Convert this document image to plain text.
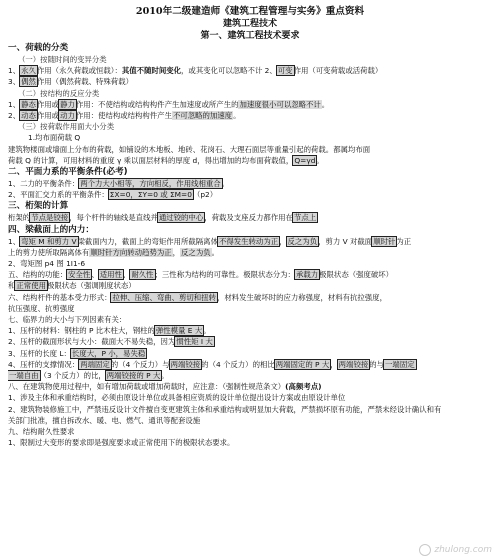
2010年二级建造师《建筑工程管理与实务》重点资料
建筑工程技术
第一、建筑工程技术要求
一、荷载的分类
（一）按随时间的变异分类
1、永久作用（永久荷载或恒载）：其值不随时间变化，或其变化可以忽略不计 2、可变作用（可变荷载或活荷载）
3、偶然作用（偶然荷载、特殊荷载）
（二）按结构的反应分类
1、静态作用或静力作用：不使结构或结构构件产生加速度或所产生的加速度很小可以忽略不计。
2、动态作用或动力作用：使结构或结构构件产生不可忽略的加速度。
（三）按荷载作用面大小分类
1.均布面荷载 Q
建筑物楼面或墙面上分布的荷载，如铺设的木地板、地砖、花岗石、大理石面层等重量引起的荷载。都属均布面
荷载 Q 的计算，可用材料的重度 γ 乘以面层材料的厚度 d，得出增加的均布面荷载值，Q=γd。
二、平面力系的平衡条件(必考)
1、二力的平衡条件：两个力大小相等，方向相反，作用线相重合。
2、平面汇交力系的平衡条件：ΣX=0，ΣY=0 或 ΣM=0（p2）
三、桁架的计算
桁架的节点是铰接，每个杆件的轴线是直线并通过铰的中心，荷载及支座反力都作用在节点上
四、梁截面上的内力：
1、弯矩 M 和剪力 V梁截面内力，截面上的弯矩作用所截隔离体不得发生转动为正，反之为负，剪力 V 对截面顺时针为正
上的剪力使所取隔离体有顺时针方向转动趋势为正，反之为负。
2、弯矩图 p4 图 1I1-6
五、结构的功能：安全性、适用性、耐久性；三性称为结构的可靠性。极限状态分为：承载力极限状态（强度破坏）
和正常使用极限状态（强调刚度状态）
六、结构杆件的基本受力形式：拉伸、压缩、弯曲、剪切和扭转，材料发生破坏时的应力称强度，材料有抗拉强度，
抗压强度、抗剪强度
七、临界力的大小与下列因素有关：
1、压杆的材料：钢柱的 P 比木柱大，钢柱的弹性模量 E 大。
2、压杆的截面形状与大小：截面大不易失稳，因为惯性矩 I 大
3、压杆的长度 L：长度大，P 小，易失稳
4、压杆的支撑情况：两端固定的（4 个反力）与两端铰接的（4 个反力）的相比两端固定的 P 大，两端铰接的与一端固定
一端自由（3 个反力）的比，两端铰接的 P 大。
八、在建筑物使用过程中，如有增加荷载或增加荷载时，应注意：（强制性规范条文）(高频考点)
1、涉及主体和承重结构时，必须由原设计单位或具备相应资质的设计单位提出设计方案或由原设计单位
2、建筑物装修施工中，严禁违反设计文件擅自变更建筑主体和承重结构或明显加大荷载，严禁损坏原有功能，严禁未经设计确认和有
关部门批准，擅自拆改水、暖、电、燃气、通讯等配套设施
九、结构耐久性要求
1、限制过大变形的要求即是强度要求或正常使用下的极限状态要求。
zhulong.com
